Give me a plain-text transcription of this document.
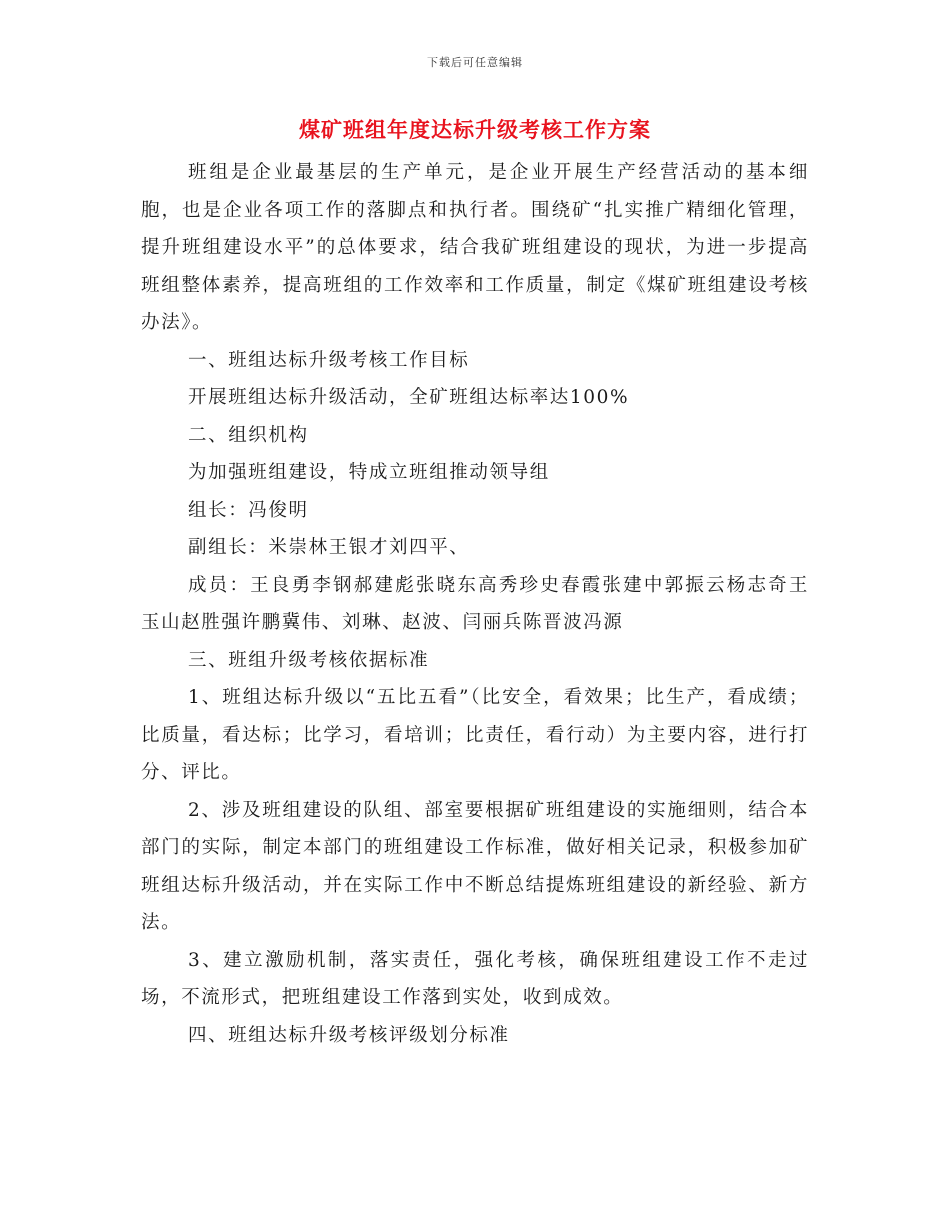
下载后可任意编辑
煤矿班组年度达标升级考核工作方案

班组是企业最基层的生产单元，是企业开展生产经营活动的基本细胞，也是企业各项工作的落脚点和执行者。围绕矿“扎实推广精细化管理，提升班组建设水平”的总体要求，结合我矿班组建设的现状，为进一步提高班组整体素养，提高班组的工作效率和工作质量，制定《煤矿班组建设考核办法》。

一、班组达标升级考核工作目标

开展班组达标升级活动，全矿班组达标率达100%

二、组织机构

为加强班组建设，特成立班组推动领导组

组长：冯俊明

副组长：米崇林王银才刘四平、

成员：王良勇李钢郝建彪张晓东高秀珍史春霞张建中郭振云杨志奇王玉山赵胜强许鹏冀伟、刘琳、赵波、闫丽兵陈晋波冯源

三、班组升级考核依据标准

1、班组达标升级以“五比五看”（比安全，看效果；比生产，看成绩；比质量，看达标；比学习，看培训；比责任，看行动）为主要内容，进行打分、评比。

2、涉及班组建设的队组、部室要根据矿班组建设的实施细则，结合本部门的实际，制定本部门的班组建设工作标准，做好相关记录，积极参加矿班组达标升级活动，并在实际工作中不断总结提炼班组建设的新经验、新方法。

3、建立激励机制，落实责任，强化考核，确保班组建设工作不走过场，不流形式，把班组建设工作落到实处，收到成效。

四、班组达标升级考核评级划分标准
